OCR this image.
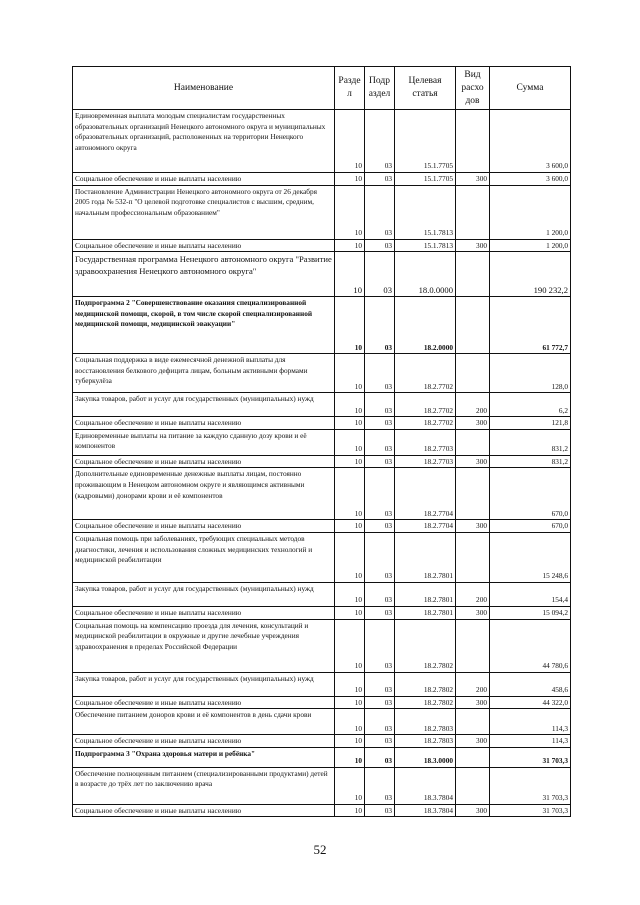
Наименование	Разде л	Подр аздел	Целевая статья	Вид расхо дов	Сумма
Единовременная выплата молодым специалистам государственных образовательных организаций Ненецкого автономного округа и муниципальных образовательных организаций, расположенных на территории Ненецкого автономного округа	10	03	15.1.7705		3 600,0
Социальное обеспечение и иные выплаты населению	10	03	15.1.7705	300	3 600,0
Постановление Администрации Ненецкого автономного округа от 26 декабря 2005 года № 532-п "О целевой подготовке специалистов с высшим, средним, начальным профессиональным образованием"	10	03	15.1.7813		1 200,0
Социальное обеспечение и иные выплаты населению	10	03	15.1.7813	300	1 200,0
Государственная программа Ненецкого автономного округа "Развитие здравоохранения Ненецкого автономного округа"	10	03	18.0.0000		190 232,2
Подпрограмма 2 "Совершенствование оказания специализированной медицинской помощи, скорой, в том числе скорой специализированной медицинской помощи, медицинской эвакуации"	10	03	18.2.0000		61 772,7
Социальная поддержка в виде ежемесячной денежной выплаты для восстановления белкового дефицита лицам, больным активными формами туберкулёза	10	03	18.2.7702		128,0
Закупка товаров, работ и услуг для государственных (муниципальных) нужд	10	03	18.2.7702	200	6,2
Социальное обеспечение и иные выплаты населению	10	03	18.2.7702	300	121,8
Единовременные выплаты на питание за каждую сданную дозу крови и её компонентов	10	03	18.2.7703		831,2
Социальное обеспечение и иные выплаты населению	10	03	18.2.7703	300	831,2
Дополнительные единовременные денежные выплаты лицам, постоянно проживающим в Ненецком автономном округе и являющимся активными (кадровыми) донорами крови и её компонентов	10	03	18.2.7704		670,0
Социальное обеспечение и иные выплаты населению	10	03	18.2.7704	300	670,0
Социальная помощь при заболеваниях, требующих специальных методов диагностики, лечения и использования сложных медицинских технологий и медицинской реабилитации	10	03	18.2.7801		15 248,6
Закупка товаров, работ и услуг для государственных (муниципальных) нужд	10	03	18.2.7801	200	154,4
Социальное обеспечение и иные выплаты населению	10	03	18.2.7801	300	15 094,2
Социальная помощь на компенсацию проезда для лечения, консультаций и медицинской реабилитации в окружные и другие лечебные учреждения здравоохранения в пределах Российской Федерации	10	03	18.2.7802		44 780,6
Закупка товаров, работ и услуг для государственных (муниципальных) нужд	10	03	18.2.7802	200	458,6
Социальное обеспечение и иные выплаты населению	10	03	18.2.7802	300	44 322,0
Обеспечение питанием доноров крови и её компонентов в день сдачи крови	10	03	18.2.7803		114,3
Социальное обеспечение и иные выплаты населению	10	03	18.2.7803	300	114,3
Подпрограмма 3 "Охрана здоровья матери и ребёнка"	10	03	18.3.0000		31 703,3
Обеспечение полноценным питанием (специализированными продуктами) детей в возрасте до трёх лет по заключению врача	10	03	18.3.7804		31 703,3
Социальное обеспечение и иные выплаты населению	10	03	18.3.7804	300	31 703,3
52
